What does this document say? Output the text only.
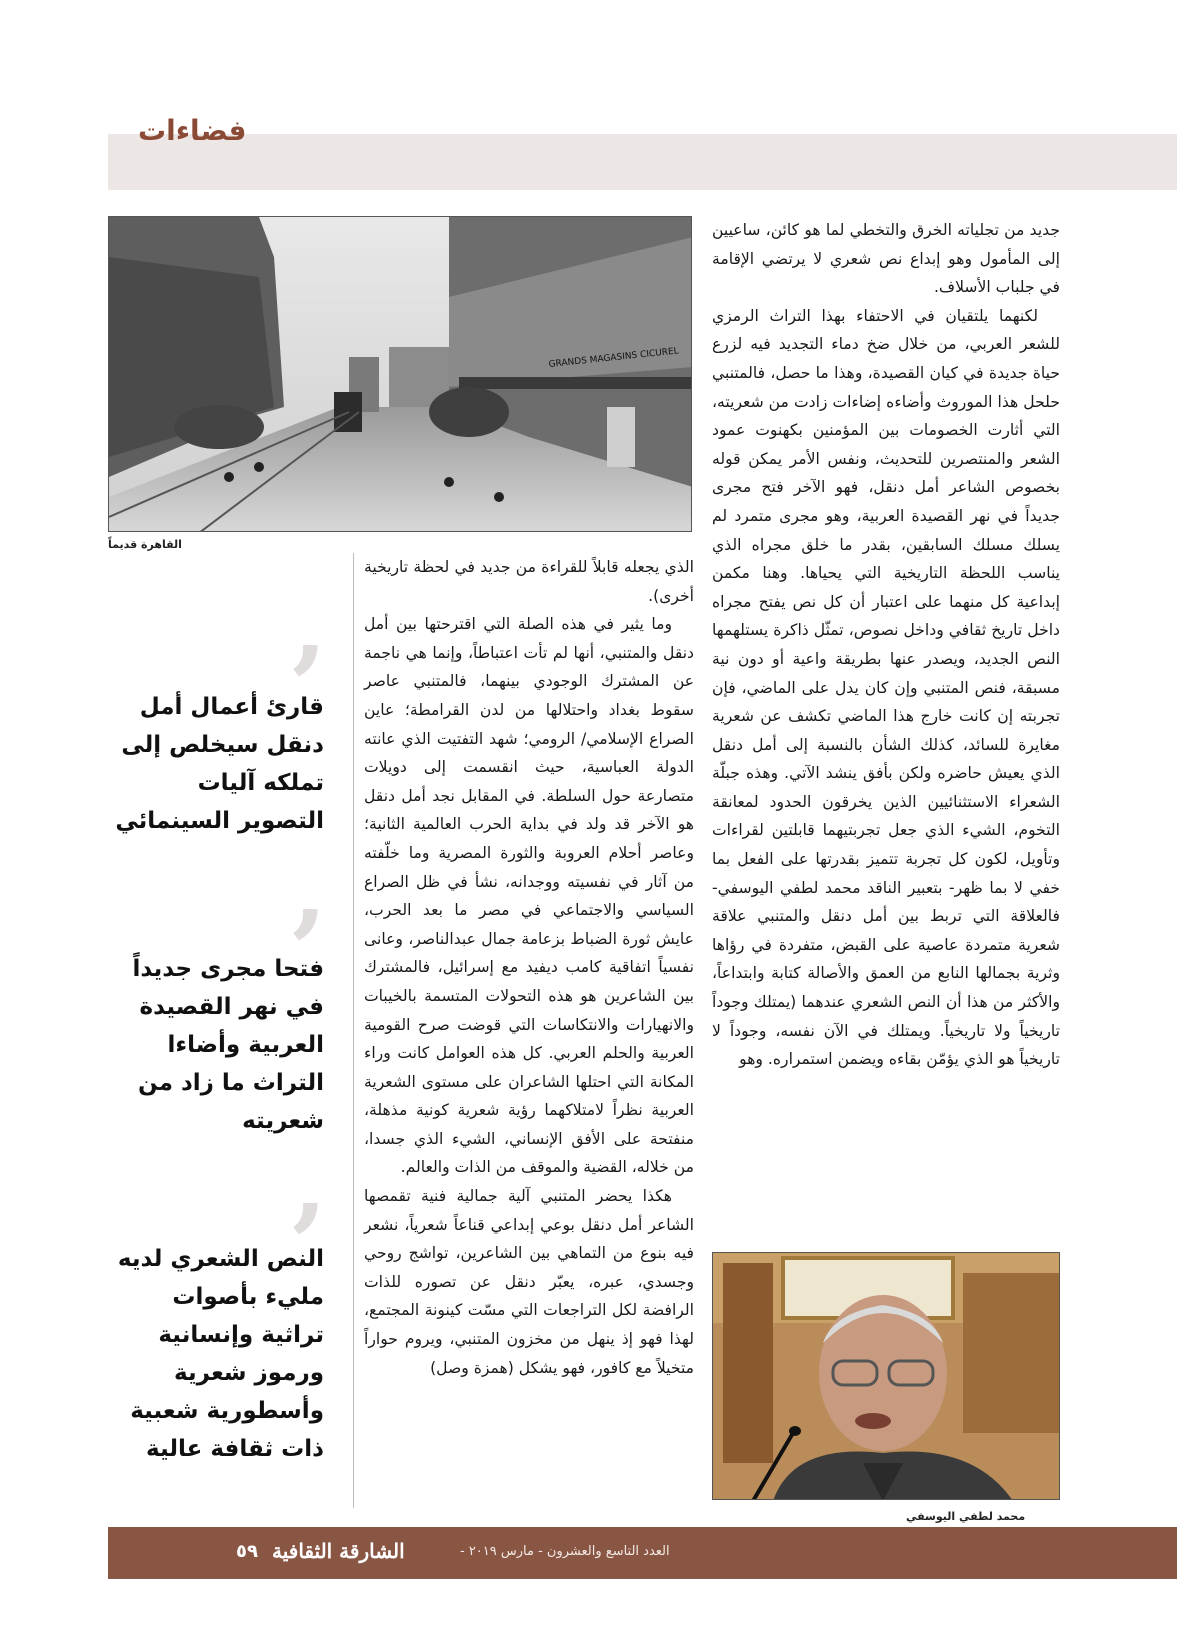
فضاءات
GRANDS MAGASINS CICUREL
القاهرة قديماً

جديد من تجلياته الخرق والتخطي لما هو كائن، ساعيين إلى المأمول وهو إبداع نص شعري لا يرتضي الإقامة في جلباب الأسلاف.

لكنهما يلتقيان في الاحتفاء بهذا التراث الرمزي للشعر العربي، من خلال ضخ دماء التجديد فيه لزرع حياة جديدة في كيان القصيدة، وهذا ما حصل، فالمتنبي حلحل هذا الموروث وأضاءه إضاءات زادت من شعريته، التي أثارت الخصومات بين المؤمنين بكهنوت عمود الشعر والمنتصرين للتحديث، ونفس الأمر يمكن قوله بخصوص الشاعر أمل دنقل، فهو الآخر فتح مجرى جديداً في نهر القصيدة العربية، وهو مجرى متمرد لم يسلك مسلك السابقين، بقدر ما خلق مجراه الذي يناسب اللحظة التاريخية التي يحياها. وهنا مكمن إبداعية كل منهما على اعتبار أن كل نص يفتح مجراه داخل تاريخ ثقافي وداخل نصوص، تمثّل ذاكرة يستلهمها النص الجديد، ويصدر عنها بطريقة واعية أو دون نية مسبقة، فنص المتنبي وإن كان يدل على الماضي، فإن تجربته إن كانت خارج هذا الماضي تكشف عن شعرية مغايرة للسائد، كذلك الشأن بالنسبة إلى أمل دنقل الذي يعيش حاضره ولكن بأفق ينشد الآتي. وهذه جبلّة الشعراء الاستثنائيين الذين يخرقون الحدود لمعانقة التخوم، الشيء الذي جعل تجربتيهما قابلتين لقراءات وتأويل، لكون كل تجربة تتميز بقدرتها على الفعل بما خفي لا بما ظهر- بتعبير الناقد محمد لطفي اليوسفي- فالعلاقة التي تربط بين أمل دنقل والمتنبي علاقة شعرية متمردة عاصية على القبض، متفردة في رؤاها وثرية بجمالها النابع من العمق والأصالة كتابة وابتداعاً، والأكثر من هذا أن النص الشعري عندهما (يمتلك وجوداً تاريخياً ولا تاريخياً. ويمتلك في الآن نفسه، وجوداً لا تاريخياً هو الذي يؤمّن بقاءه ويضمن استمراره. وهو

الذي يجعله قابلاً للقراءة من جديد في لحظة تاريخية أخرى).

وما يثير في هذه الصلة التي اقترحتها بين أمل دنقل والمتنبي، أنها لم تأت اعتباطاً، وإنما هي ناجمة عن المشترك الوجودي بينهما، فالمتنبي عاصر سقوط بغداد واحتلالها من لدن القرامطة؛ عاين الصراع الإسلامي/ الرومي؛ شهد التفتيت الذي عانته الدولة العباسية، حيث انقسمت إلى دويلات متصارعة حول السلطة. في المقابل نجد أمل دنقل هو الآخر قد ولد في بداية الحرب العالمية الثانية؛ وعاصر أحلام العروبة والثورة المصرية وما خلّفته من آثار في نفسيته ووجدانه، نشأ في ظل الصراع السياسي والاجتماعي في مصر ما بعد الحرب، عايش ثورة الضباط بزعامة جمال عبدالناصر، وعانى نفسياً اتفاقية كامب ديفيد مع إسرائيل، فالمشترك بين الشاعرين هو هذه التحولات المتسمة بالخيبات والانهيارات والانتكاسات التي قوضت صرح القومية العربية والحلم العربي. كل هذه العوامل كانت وراء المكانة التي احتلها الشاعران على مستوى الشعرية العربية نظراً لامتلاكهما رؤية شعرية كونية مذهلة، منفتحة على الأفق الإنساني، الشيء الذي جسدا، من خلاله، القضية والموقف من الذات والعالم.

هكذا يحضر المتنبي آلية جمالية فنية تقمصها الشاعر أمل دنقل بوعي إبداعي قناعاً شعرياً، نشعر فيه بنوع من التماهي بين الشاعرين، تواشج روحي وجسدي، عبره، يعبّر دنقل عن تصوره للذات الرافضة لكل التراجعات التي مسّت كينونة المجتمع، لهذا فهو إذ ينهل من مخزون المتنبي، ويروم حواراً متخيلاً مع كافور، فهو يشكل (همزة وصل)

محمد لطفي اليوسفي
’
قارئ أعمال أمل دنقل سيخلص إلى تملكه آليات التصوير السينمائي
’
فتحا مجرى جديداً في نهر القصيدة العربية وأضاءا التراث ما زاد من شعريته
’
النص الشعري لديه مليء بأصوات تراثية وإنسانية ورموز شعرية وأسطورية شعبية ذات ثقافة عالية
٥٩ الشارقة الثقافية	العدد التاسع والعشرون - مارس ٢٠١٩ -
